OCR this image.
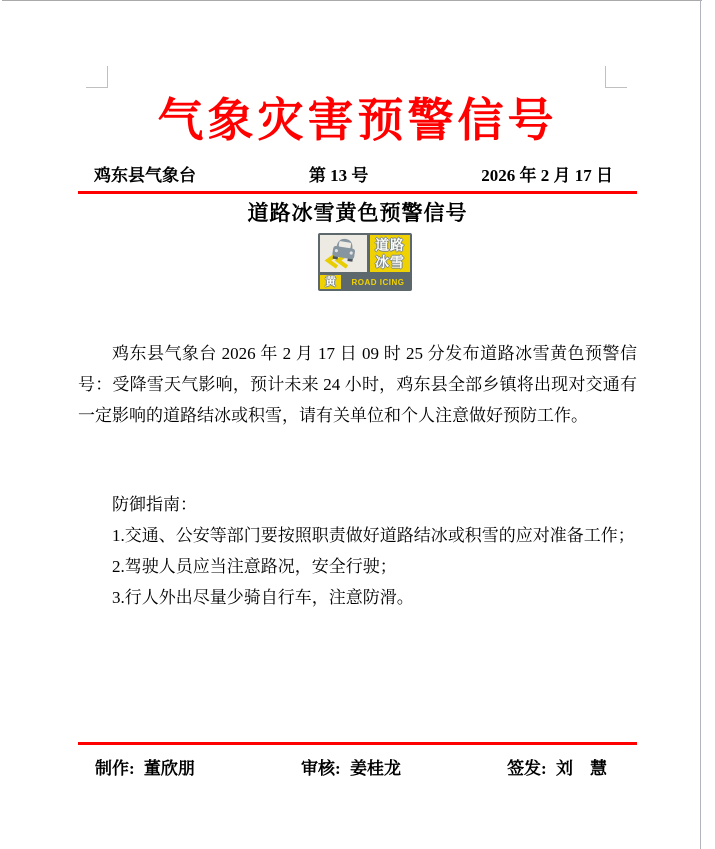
气象灾害预警信号
鸡东县气象台	第 13 号	2026 年 2 月 17 日
道路冰雪黄色预警信号
道路
冰雪
黄 ROAD ICING
鸡东县气象台 2026 年 2 月 17 日 09 时 25 分发布道路冰雪黄色预警信号：受降雪天气影响，预计未来 24 小时，鸡东县全部乡镇将出现对交通有一定影响的道路结冰或积雪，请有关单位和个人注意做好预防工作。

防御指南：

1.交通、公安等部门要按照职责做好道路结冰或积雪的应对准备工作；

2.驾驶人员应当注意路况，安全行驶；

3.行人外出尽量少骑自行车，注意防滑。

制作: 董欣朋	审核: 姜桂龙	签发: 刘　慧
